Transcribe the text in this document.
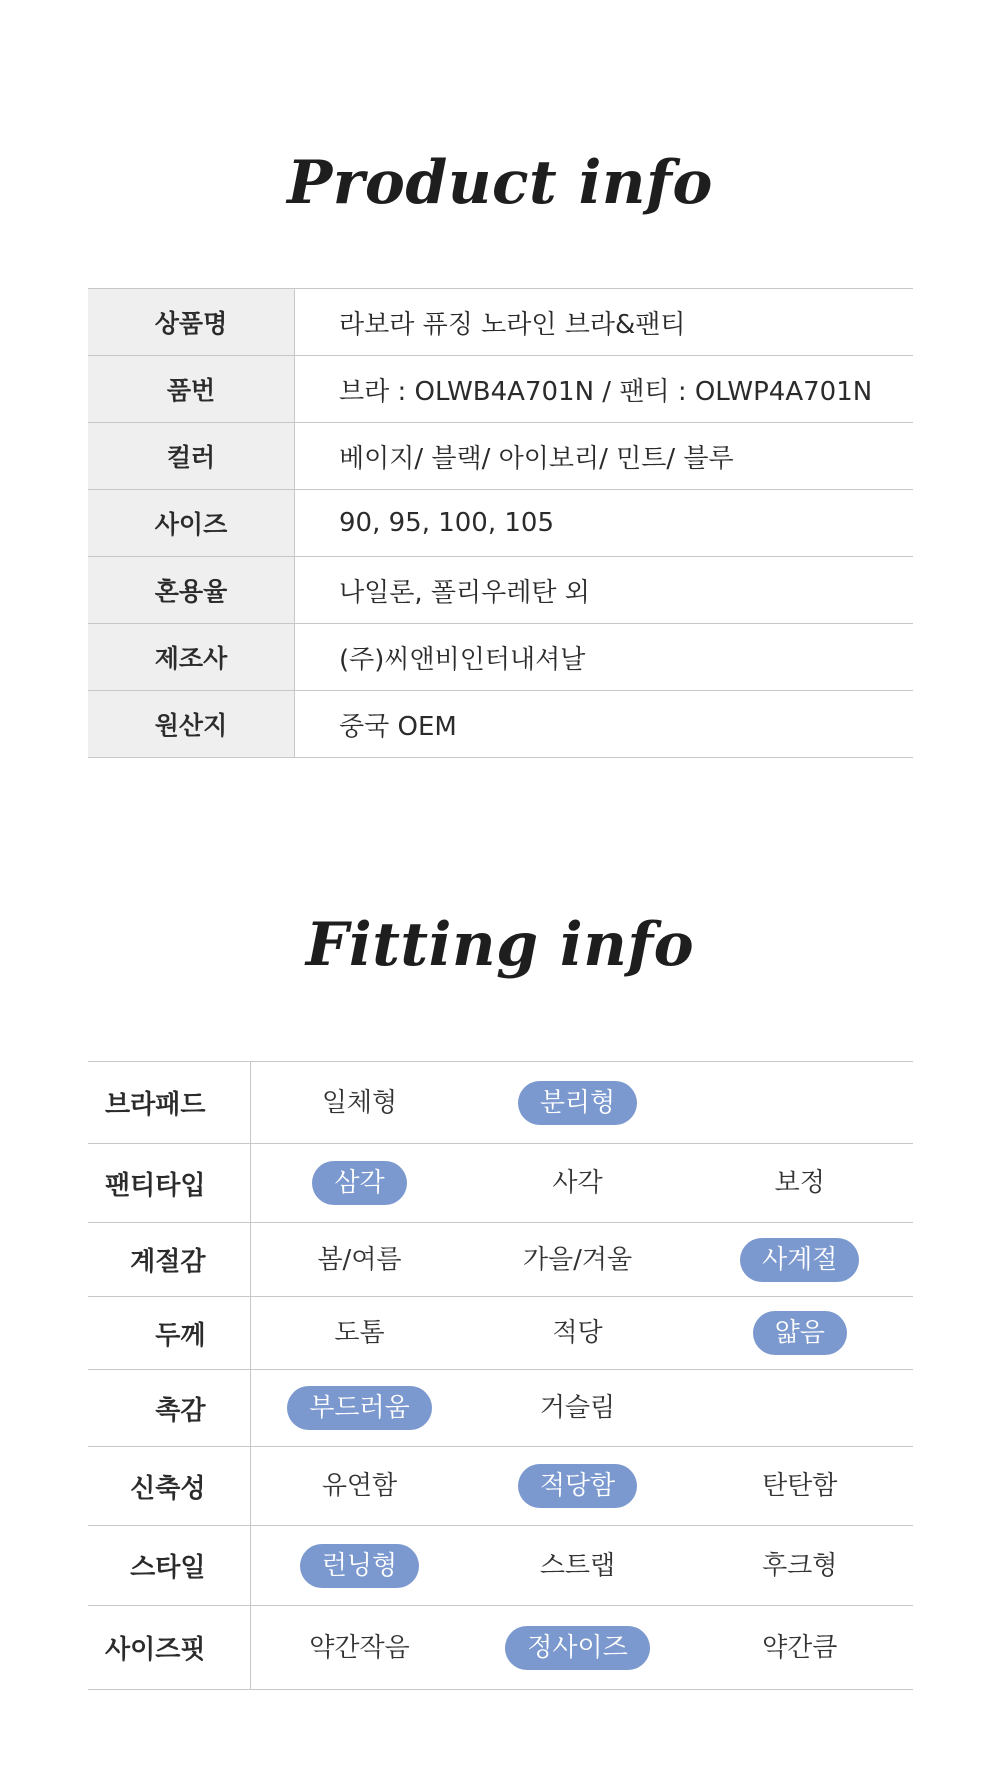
Product info
상품명	라보라 퓨징 노라인 브라&팬티
품번	브라 : OLWB4A701N / 팬티 : OLWP4A701N
컬러	베이지/ 블랙/ 아이보리/ 민트/ 블루
사이즈	90, 95, 100, 105
혼용율	나일론, 폴리우레탄 외
제조사	(주)씨앤비인터내셔날
원산지	중국 OEM
Fitting info
브라패드	일체형	분리형	
팬티타입	삼각	사각	보정
계절감	봄/여름	가을/겨울	사계절
두께	도톰	적당	얇음
촉감	부드러움	거슬림	
신축성	유연함	적당함	탄탄함
스타일	런닝형	스트랩	후크형
사이즈핏	약간작음	정사이즈	약간큼
